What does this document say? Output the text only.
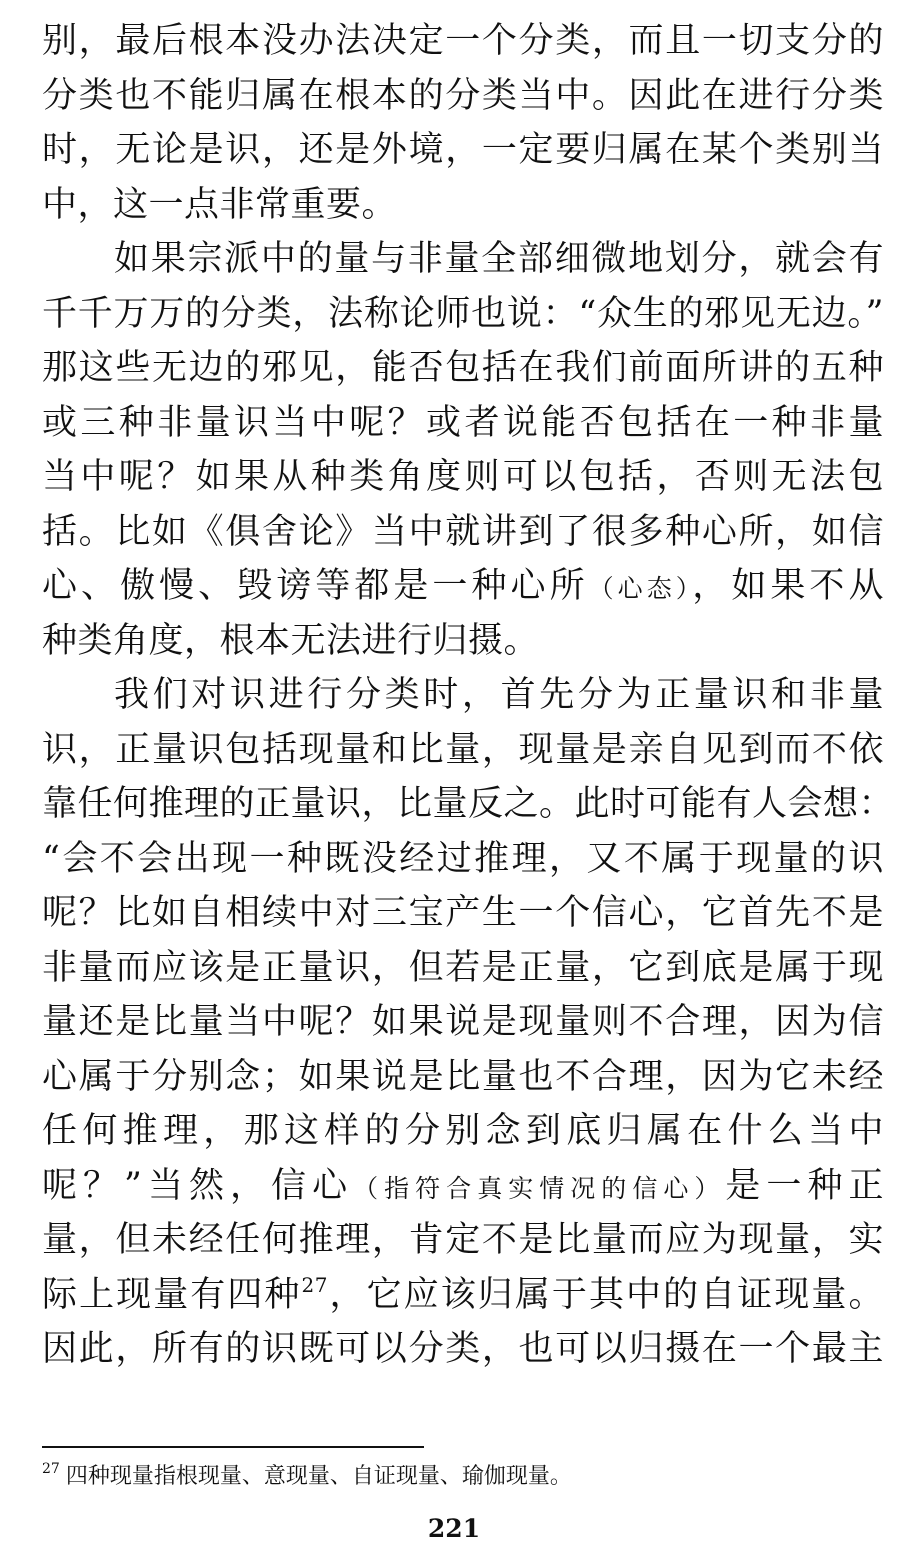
别，最后根本没办法决定一个分类，而且一切支分的
分类也不能归属在根本的分类当中。因此在进行分类
时，无论是识，还是外境，一定要归属在某个类别当
中，这一点非常重要。
如果宗派中的量与非量全部细微地划分，就会有
千千万万的分类，法称论师也说：“众生的邪见无边。”
那这些无边的邪见，能否包括在我们前面所讲的五种
或三种非量识当中呢？或者说能否包括在一种非量
当中呢？如果从种类角度则可以包括，否则无法包
括。比如《俱舍论》当中就讲到了很多种心所，如信
心、傲慢、毁谤等都是一种心所（心态），如果不从
种类角度，根本无法进行归摄。
我们对识进行分类时，首先分为正量识和非量
识，正量识包括现量和比量，现量是亲自见到而不依
靠任何推理的正量识，比量反之。此时可能有人会想：
“会不会出现一种既没经过推理，又不属于现量的识
呢？比如自相续中对三宝产生一个信心，它首先不是
非量而应该是正量识，但若是正量，它到底是属于现
量还是比量当中呢？如果说是现量则不合理，因为信
心属于分别念；如果说是比量也不合理，因为它未经
任何推理，那这样的分别念到底归属在什么当中
呢？”当然，信心（指符合真实情况的信心）是一种正
量，但未经任何推理，肯定不是比量而应为现量，实
际上现量有四种$^{27}$，它应该归属于其中的自证现量。
因此，所有的识既可以分类，也可以归摄在一个最主
$^{27}$ 四种现量指根现量、意现量、自证现量、瑜伽现量。
221
